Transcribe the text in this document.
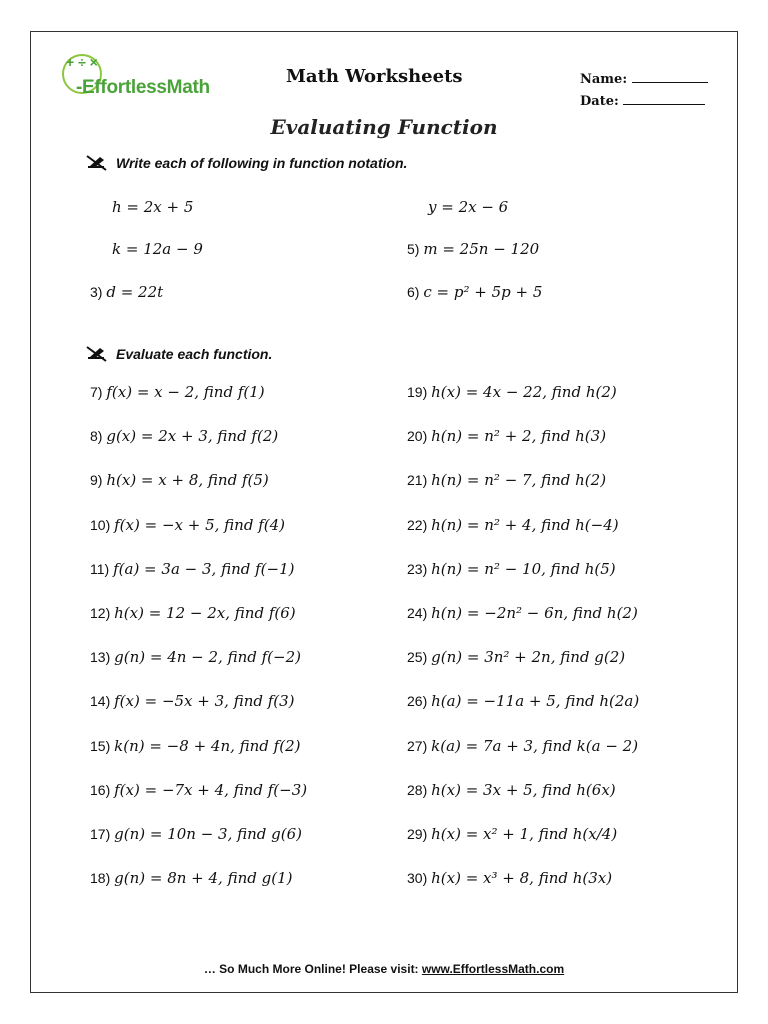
+ ÷ ×
-EffortlessMath
Math Worksheets	Name:
Date:
Evaluating Function
Write each of following in function notation.
h = 2x + 5	y = 2x − 6
k = 12a − 9	5) m = 25n − 120
3) d = 22t	6) c = p² + 5p + 5
Evaluate each function.
7) f(x) = x − 2, find f(1)
8) g(x) = 2x + 3, find f(2)
9) h(x) = x + 8, find f(5)
10) f(x) = −x + 5, find f(4)
11) f(a) = 3a − 3, find f(−1)
12) h(x) = 12 − 2x, find f(6)
13) g(n) = 4n − 2, find f(−2)
14) f(x) = −5x + 3, find f(3)
15) k(n) = −8 + 4n, find f(2)
16) f(x) = −7x + 4, find f(−3)
17) g(n) = 10n − 3, find g(6)
18) g(n) = 8n + 4, find g(1)
19) h(x) = 4x − 22, find h(2)
20) h(n) = n² + 2, find h(3)
21) h(n) = n² − 7, find h(2)
22) h(n) = n² + 4, find h(−4)
23) h(n) = n² − 10, find h(5)
24) h(n) = −2n² − 6n, find h(2)
25) g(n) = 3n² + 2n, find g(2)
26) h(a) = −11a + 5, find h(2a)
27) k(a) = 7a + 3, find k(a − 2)
28) h(x) = 3x + 5, find h(6x)
29) h(x) = x² + 1, find h(x/4)
30) h(x) = x³ + 8, find h(3x)
… So Much More Online! Please visit: www.EffortlessMath.com
